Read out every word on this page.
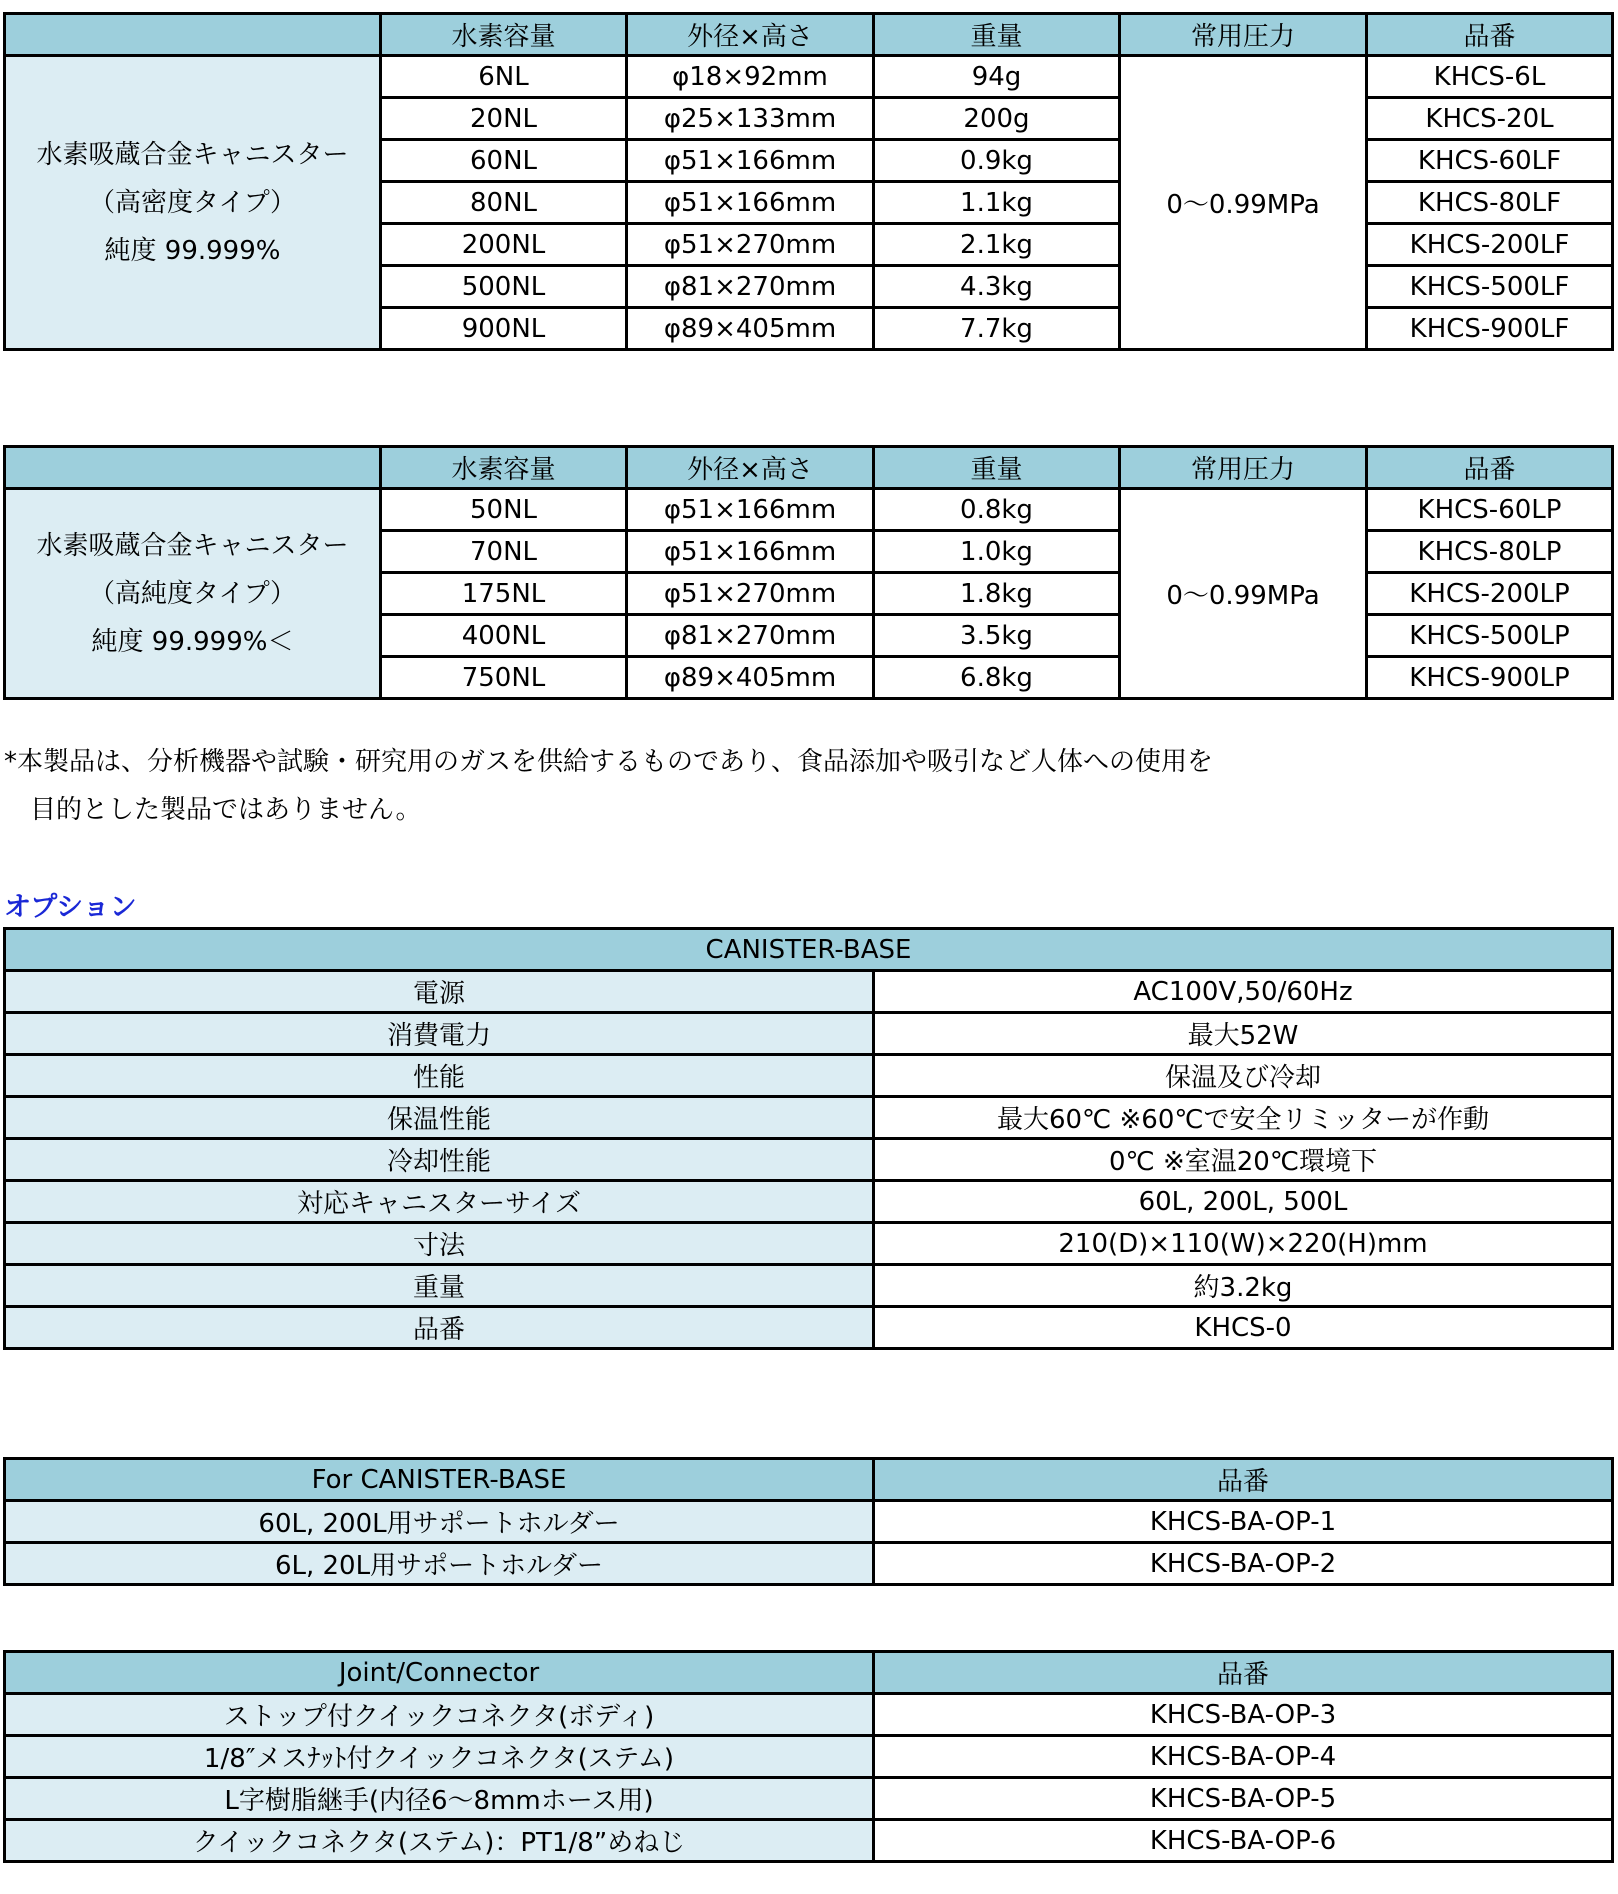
	水素容量	外径×高さ	重量	常用圧力	品番

水素吸蔵合金キャニスター
（高密度タイプ）
純度 99.999%	6NL	φ18×92mm	94g	0～0.99MPa	KHCS-6L
	20NL	φ25×133mm	200g		KHCS-20L
	60NL	φ51×166mm	0.9kg		KHCS-60LF
	80NL	φ51×166mm	1.1kg		KHCS-80LF
	200NL	φ51×270mm	2.1kg		KHCS-200LF
	500NL	φ81×270mm	4.3kg		KHCS-500LF
	900NL	φ89×405mm	7.7kg		KHCS-900LF
	水素容量	外径×高さ	重量	常用圧力	品番

水素吸蔵合金キャニスター
（高純度タイプ）
純度 99.999%＜	50NL	φ51×166mm	0.8kg	0～0.99MPa	KHCS-60LP
	70NL	φ51×166mm	1.0kg		KHCS-80LP
	175NL	φ51×270mm	1.8kg		KHCS-200LP
	400NL	φ81×270mm	3.5kg		KHCS-500LP
	750NL	φ89×405mm	6.8kg		KHCS-900LP
*本製品は、分析機器や試験・研究用のガスを供給するものであり、食品添加や吸引など人体への使用を
　目的とした製品ではありません。
オプション
CANISTER-BASE	
電源	AC100V,50/60Hz
消費電力	最大52W
性能	保温及び冷却
保温性能	最大60℃ ※60℃で安全リミッターが作動
冷却性能	0℃ ※室温20℃環境下
対応キャニスターサイズ	60L, 200L, 500L
寸法	210(D)×110(W)×220(H)mm
重量	約3.2kg
品番	KHCS-0
For CANISTER-BASE	品番
60L, 200L用サポートホルダー	KHCS-BA-OP-1
6L, 20L用サポートホルダー	KHCS-BA-OP-2
Joint/Connector	品番
ストップ付クイックコネクタ(ボディ)	KHCS-BA-OP-3
1/8″メスﾅｯﾄ付クイックコネクタ(ステム)	KHCS-BA-OP-4
L字樹脂継手(内径6～8mmホース用)	KHCS-BA-OP-5
クイックコネクタ(ステム)：PT1/8”めねじ	KHCS-BA-OP-6
